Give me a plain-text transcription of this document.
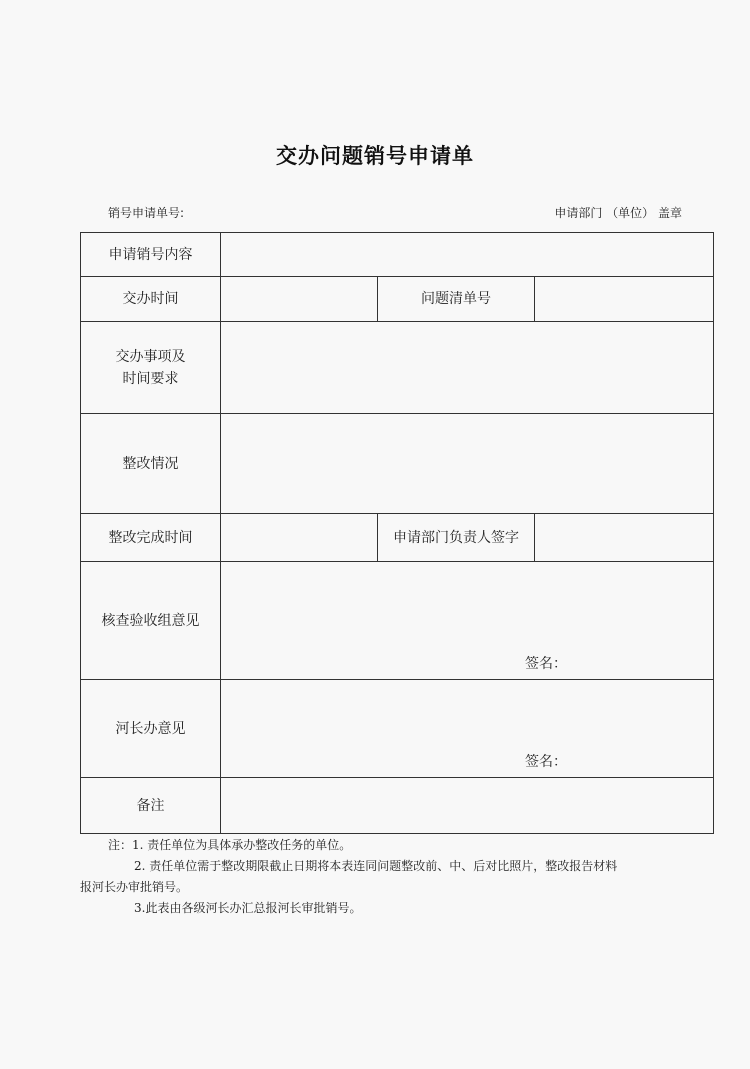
交办问题销号申请单
销号申请单号:	申请部门 （单位） 盖章
申请销号内容			
交办时间		问题清单号	

交办事项及
时间要求			

整改情况			
整改完成时间		申请部门负责人签字	
核查验收组意见	签名：		

河长办意见	签名：		

备注			
注：1. 责任单位为具体承办整改任务的单位。
2. 责任单位需于整改期限截止日期将本表连同问题整改前、中、后对比照片，整改报告材料
报河长办审批销号。
3.此表由各级河长办汇总报河长审批销号。
